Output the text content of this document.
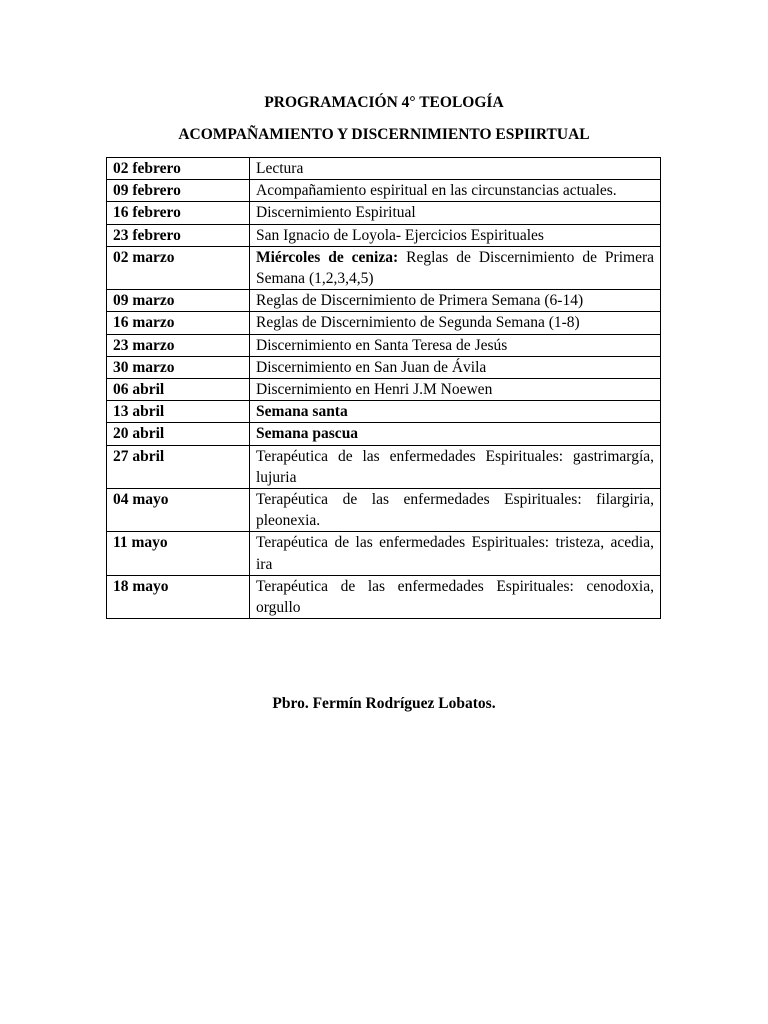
PROGRAMACIÓN 4° TEOLOGÍA
ACOMPAÑAMIENTO Y DISCERNIMIENTO ESPIIRTUAL
02 febrero	Lectura
09 febrero	Acompañamiento espiritual en las circunstancias actuales.
16 febrero	Discernimiento Espiritual
23 febrero	San Ignacio de Loyola- Ejercicios Espirituales
02 marzo	Miércoles de ceniza: Reglas de Discernimiento de Primera Semana (1,2,3,4,5)
09 marzo	Reglas de Discernimiento de Primera Semana (6-14)
16 marzo	Reglas de Discernimiento de Segunda Semana (1-8)
23 marzo	Discernimiento en Santa Teresa de Jesús
30 marzo	Discernimiento en San Juan de Ávila
06 abril	Discernimiento en Henri J.M Noewen
13 abril	Semana santa
20 abril	Semana pascua
27 abril	Terapéutica de las enfermedades Espirituales: gastrimargía, lujuria
04 mayo	Terapéutica de las enfermedades Espirituales: filargiria, pleonexia.
11 mayo	Terapéutica de las enfermedades Espirituales: tristeza, acedia, ira
18 mayo	Terapéutica de las enfermedades Espirituales: cenodoxia, orgullo
Pbro. Fermín Rodríguez Lobatos.
